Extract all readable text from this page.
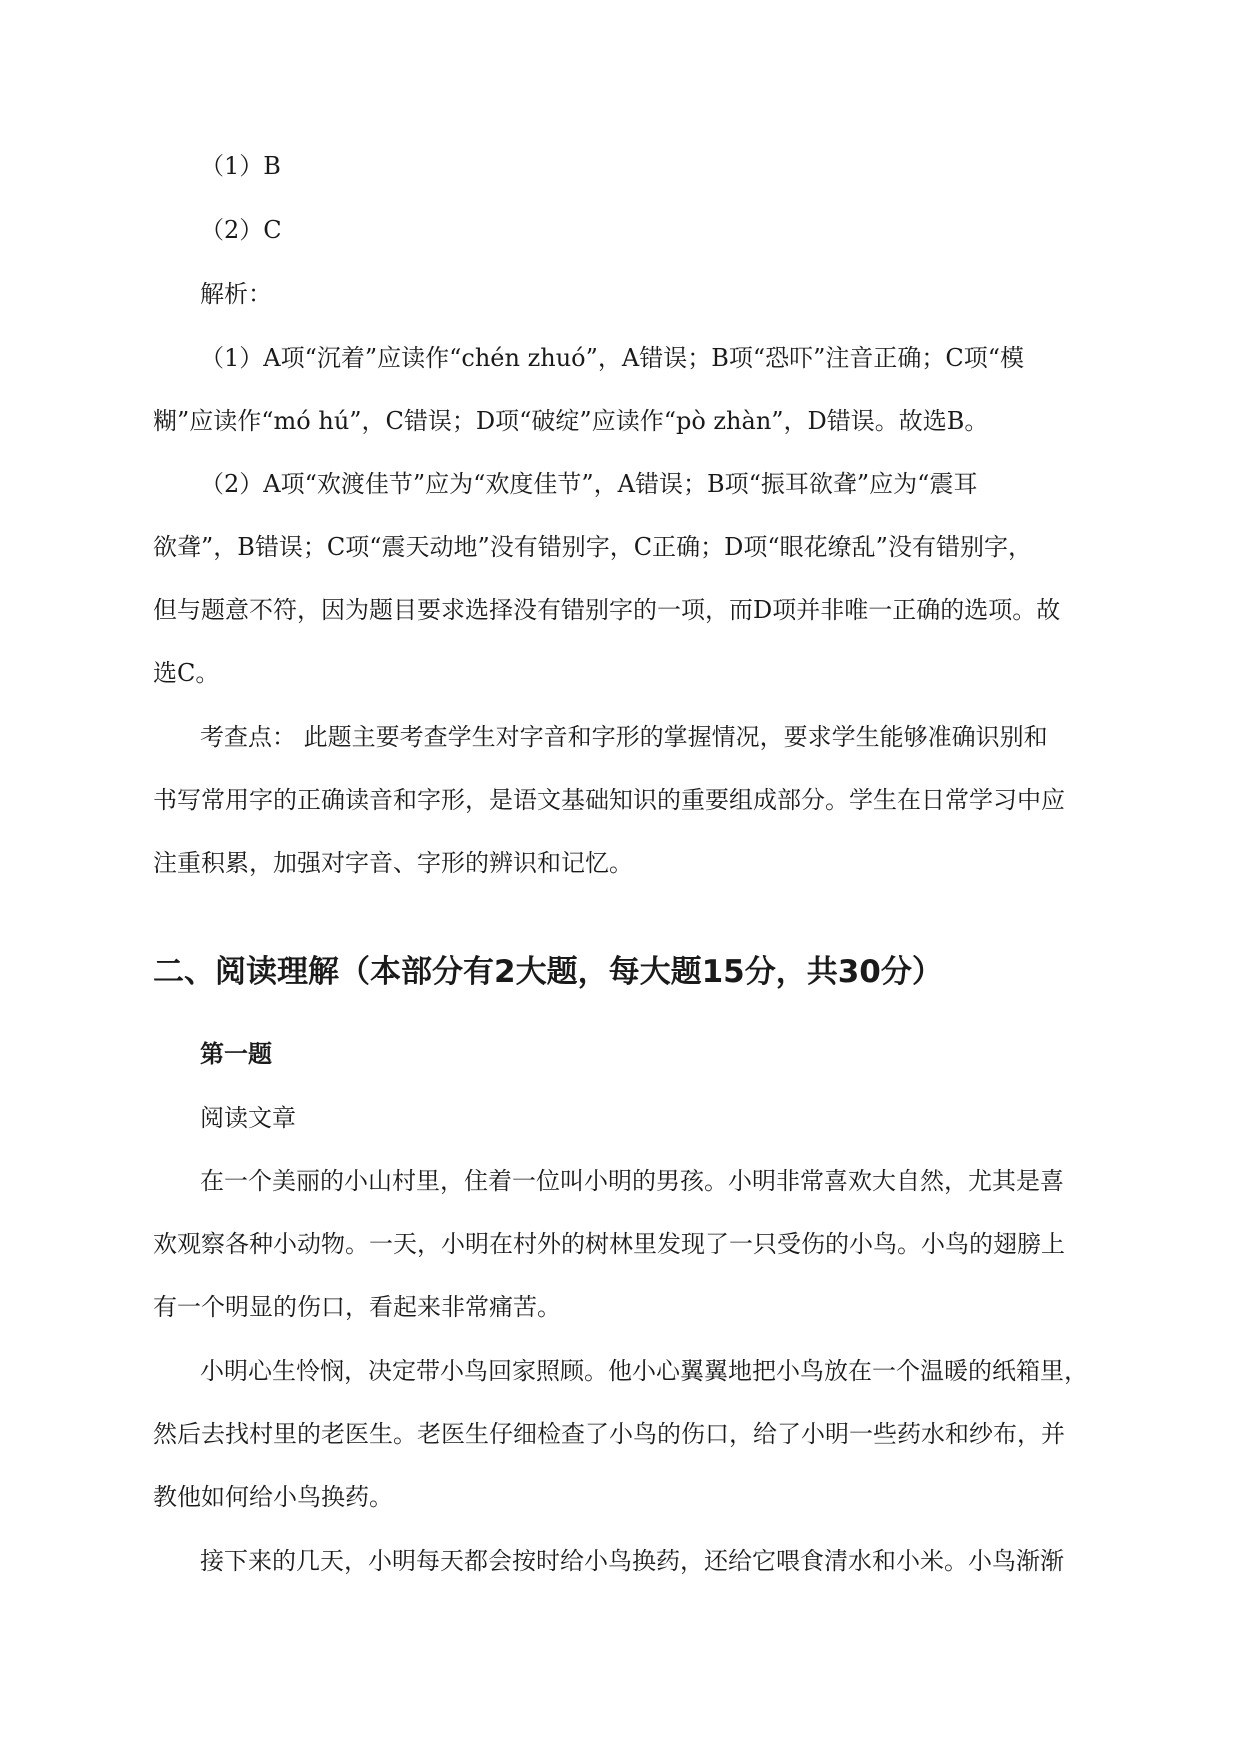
（1）B
（2）C
解析：
（1）A项“沉着”应读作“chén zhuó”，A错误；B项“恐吓”注音正确；C项“模
糊”应读作“mó hú”，C错误；D项“破绽”应读作“pò zhàn”，D错误。故选B。
（2）A项“欢渡佳节”应为“欢度佳节”，A错误；B项“振耳欲聋”应为“震耳
欲聋”，B错误；C项“震天动地”没有错别字，C正确；D项“眼花缭乱”没有错别字，
但与题意不符，因为题目要求选择没有错别字的一项，而D项并非唯一正确的选项。故
选C。
考查点： 此题主要考查学生对字音和字形的掌握情况，要求学生能够准确识别和
书写常用字的正确读音和字形，是语文基础知识的重要组成部分。学生在日常学习中应
注重积累，加强对字音、字形的辨识和记忆。
二、阅读理解（本部分有2大题，每大题15分，共30分）
第一题
阅读文章
在一个美丽的小山村里，住着一位叫小明的男孩。小明非常喜欢大自然，尤其是喜
欢观察各种小动物。一天，小明在村外的树林里发现了一只受伤的小鸟。小鸟的翅膀上
有一个明显的伤口，看起来非常痛苦。
小明心生怜悯，决定带小鸟回家照顾。他小心翼翼地把小鸟放在一个温暖的纸箱里，
然后去找村里的老医生。老医生仔细检查了小鸟的伤口，给了小明一些药水和纱布，并
教他如何给小鸟换药。
接下来的几天，小明每天都会按时给小鸟换药，还给它喂食清水和小米。小鸟渐渐
